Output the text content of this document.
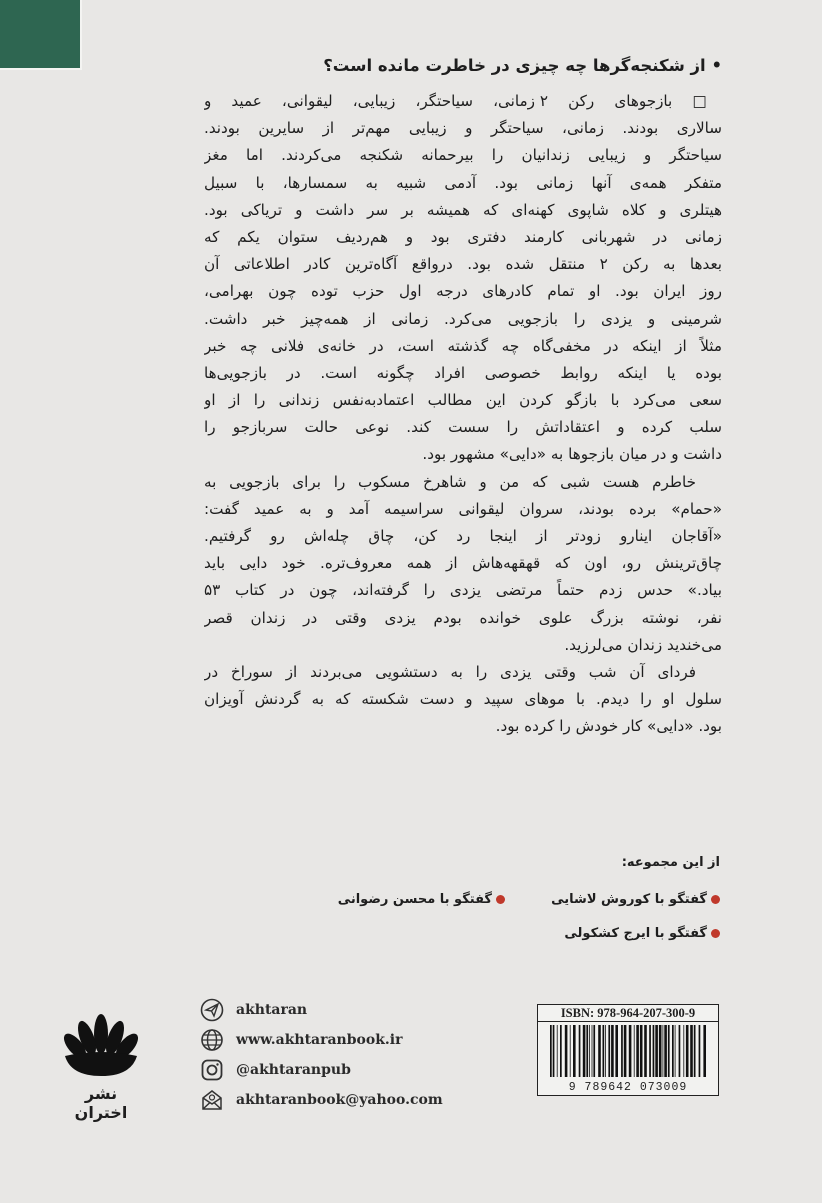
• از شکنجه‌گرها چه چیزی در خاطرت مانده است؟
□ بازجوهای رکن ۲ زمانی، سیاحتگر، زیبایی، لیقوانی، عمید و
سالاری بودند. زمانی، سیاحتگر و زیبایی مهم‌تر از سایرین بودند.
سیاحتگر و زیبایی زندانیان را بیرحمانه شکنجه می‌کردند. اما مغز
متفکر همه‌ی آنها زمانی بود. آدمی شبیه به سمسارها، با سبیل
هیتلری و کلاه شاپوی کهنه‌ای که همیشه بر سر داشت و تریاکی بود.
زمانی در شهربانی کارمند دفتری بود و هم‌ردیف ستوان یکم که
بعدها به رکن ۲ منتقل شده بود. درواقع آگاه‌ترین کادر اطلاعاتی آن
روز ایران بود. او تمام کادرهای درجه اول حزب توده چون بهرامی،
شرمینی و یزدی را بازجویی می‌کرد. زمانی از همه‌چیز خبر داشت.
مثلاً از اینکه در مخفی‌گاه چه گذشته است، در خانه‌ی فلانی چه خبر
بوده یا اینکه روابط خصوصی افراد چگونه است. در بازجویی‌ها
سعی می‌کرد با بازگو کردن این مطالب اعتمادبه‌نفس زندانی را از او
سلب کرده و اعتقاداتش را سست کند. نوعی حالت سربازجو را
داشت و در میان بازجوها به «دایی» مشهور بود.
خاطرم هست شبی که من و شاهرخ مسکوب را برای بازجویی به
«حمام» برده بودند، سروان لیقوانی سراسیمه آمد و به عمید گفت:
«آقاجان اینارو زودتر از اینجا رد کن، چاق چله‌اش رو گرفتیم.
چاق‌ترینش رو، اون که قهقهه‌هاش از همه معروف‌تره. خود دایی باید
بیاد.» حدس زدم حتماً مرتضی یزدی را گرفته‌اند، چون در کتاب ۵۳
نفر، نوشته بزرگ علوی خوانده بودم یزدی وقتی در زندان قصر
می‌خندید زندان می‌لرزید.
فردای آن شب وقتی یزدی را به دستشویی می‌بردند از سوراخ در
سلول او را دیدم. با موهای سپید و دست شکسته که به گردنش آویزان
بود. «دایی» کار خودش را کرده بود.
از این مجموعه:
گفتگو با کوروش لاشایی
گفتگو با محسن رضوانی
گفتگو با ایرج کشکولی
akhtaran
www.akhtaranbook.ir
@akhtaranpub
akhtaranbook@yahoo.com
ISBN: 978-964-207-300-9
9 789642 073009
نشر اختران
